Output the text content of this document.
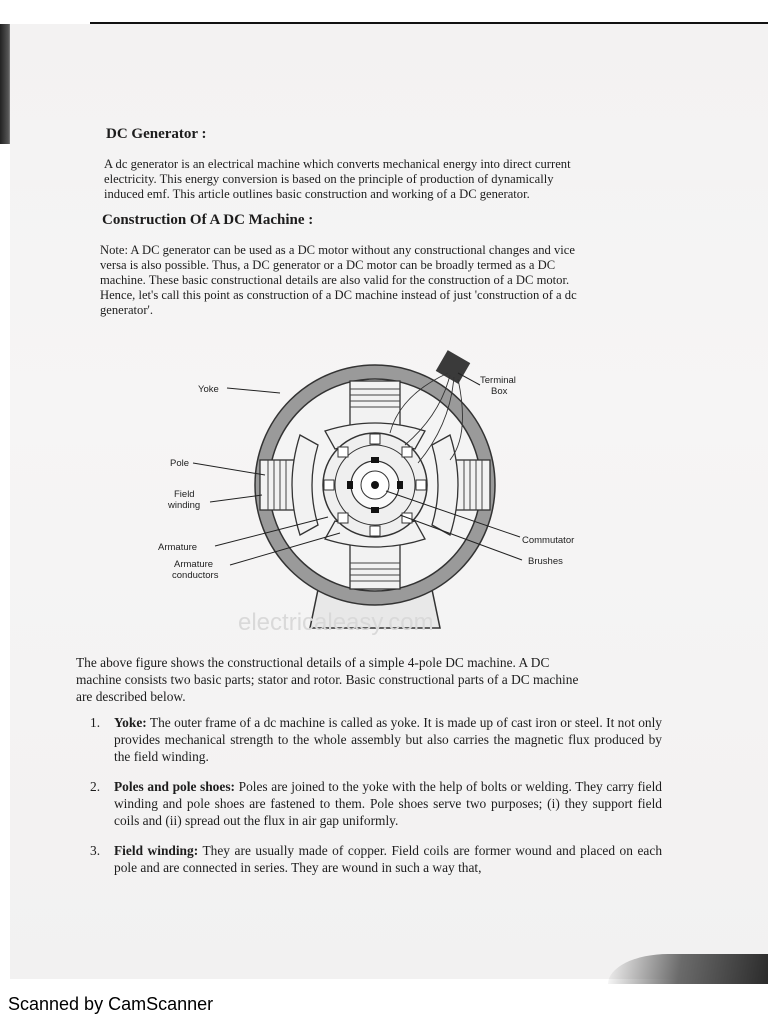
DC Generator :
A dc generator is an electrical machine which converts mechanical energy into direct current
electricity. This energy conversion is based on the principle of production of dynamically
induced emf. This article outlines basic construction and working of a DC generator.
Construction Of A DC Machine :
Note: A DC generator can be used as a DC motor without any constructional changes and vice
versa is also possible. Thus, a DC generator or a DC motor can be broadly termed as a DC
machine. These basic constructional details are also valid for the construction of a DC motor.
Hence, let's call this point as construction of a DC machine instead of just 'construction of a dc
generator'.
Yoke
Pole
Field
winding
Armature
Armature
conductors
Terminal
Box
Commutator
Brushes
electricaleasy.com
The above figure shows the constructional details of a simple 4-pole DC machine. A DC
machine consists two basic parts; stator and rotor. Basic constructional parts of a DC machine
are described below.
1. Yoke: The outer frame of a dc machine is called as yoke. It is made up of cast iron or steel. It not only provides mechanical strength to the whole assembly but also carries the magnetic flux produced by the field winding.
2. Poles and pole shoes: Poles are joined to the yoke with the help of bolts or welding. They carry field winding and pole shoes are fastened to them. Pole shoes serve two purposes; (i) they support field coils and (ii) spread out the flux in air gap uniformly.
3. Field winding: They are usually made of copper. Field coils are former wound and placed on each pole and are connected in series. They are wound in such a way that,
Scanned by CamScanner
